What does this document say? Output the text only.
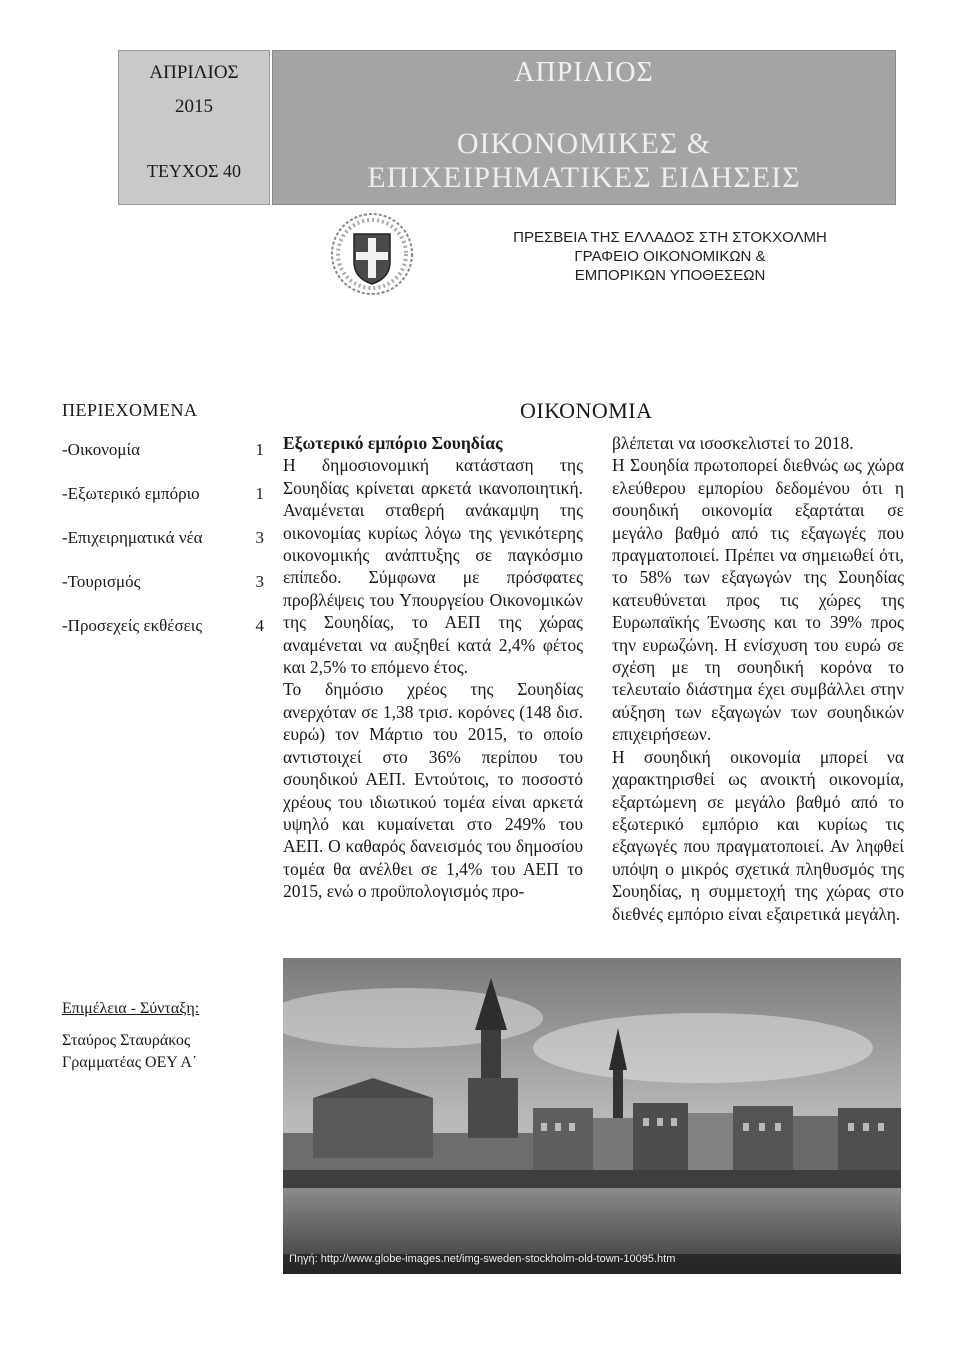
ΑΠΡΙΛΙΟΣ
2015
ΤΕΥΧΟΣ 40
ΑΠΡΙΛΙΟΣ
ΟΙΚΟΝΟΜΙΚΕΣ &
ΕΠΙΧΕΙΡΗΜΑΤΙΚΕΣ ΕΙΔΗΣΕΙΣ
ΠΡΕΣΒΕΙΑ ΤΗΣ ΕΛΛΑΔΟΣ ΣΤΗ ΣΤΟΚΧΟΛΜΗ
ΓΡΑΦΕΙΟ ΟΙΚΟΝΟΜΙΚΩΝ &
ΕΜΠΟΡΙΚΩΝ ΥΠΟΘΕΣΕΩΝ
ΠΕΡΙΕΧΟΜΕΝΑ
-Οικονομία	1
-Εξωτερικό εμπόριο	1
-Επιχειρηματικά νέα	3
-Τουρισμός	3
-Προσεχείς εκθέσεις	4
ΟΙΚΟΝΟΜΙΑ

Εξωτερικό εμπόριο Σουηδίας

Η δημοσιονομική κατάσταση της Σουηδίας κρίνεται αρκετά ικανοποιητική. Αναμένεται σταθερή ανάκαμψη της οικονομίας κυρίως λόγω της γενικότερης οικονομικής ανάπτυξης σε παγκόσμιο επίπεδο. Σύμφωνα με πρόσφατες προβλέψεις του Υπουργείου Οικονομικών της Σουηδίας, το ΑΕΠ της χώρας αναμένεται να αυξηθεί κατά 2,4% φέτος και 2,5% το επόμενο έτος.

Το δημόσιο χρέος της Σουηδίας ανερχόταν σε 1,38 τρισ. κορόνες (148 δισ. ευρώ) τον Μάρτιο του 2015, το οποίο αντιστοιχεί στο 36% περίπου του σουηδικού ΑΕΠ. Εντούτοις, το ποσοστό χρέους του ιδιωτικού τομέα είναι αρκετά υψηλό και κυμαίνεται στο 249% του ΑΕΠ. Ο καθαρός δανεισμός του δημοσίου τομέα θα ανέλθει σε 1,4% του ΑΕΠ το 2015, ενώ ο προϋπολογισμός προ-

βλέπεται να ισοσκελιστεί το 2018.

Η Σουηδία πρωτοπορεί διεθνώς ως χώρα ελεύθερου εμπορίου δεδομένου ότι η σουηδική οικονομία εξαρτάται σε μεγάλο βαθμό από τις εξαγωγές που πραγματοποιεί. Πρέπει να σημειωθεί ότι, το 58% των εξαγωγών της Σουηδίας κατευθύνεται προς τις χώρες της Ευρωπαϊκής Ένωσης και το 39% προς την ευρωζώνη. Η ενίσχυση του ευρώ σε σχέση με τη σουηδική κορόνα το τελευταίο διάστημα έχει συμβάλλει στην αύξηση των εξαγωγών των σουηδικών επιχειρήσεων.

Η σουηδική οικονομία μπορεί να χαρακτηρισθεί ως ανοικτή οικονομία, εξαρτώμενη σε μεγάλο βαθμό από το εξωτερικό εμπόριο και κυρίως τις εξαγωγές που πραγματοποιεί. Αν ληφθεί υπόψη ο μικρός σχετικά πληθυσμός της Σουηδίας, η συμμετοχή της χώρας στο διεθνές εμπόριο είναι εξαιρετικά μεγάλη.

Επιμέλεια - Σύνταξη:
Σταύρος Σταυράκος
Γραμματέας ΟΕΥ Α΄
Πηγή: http://www.globe-images.net/img-sweden-stockholm-old-town-10095.htm
